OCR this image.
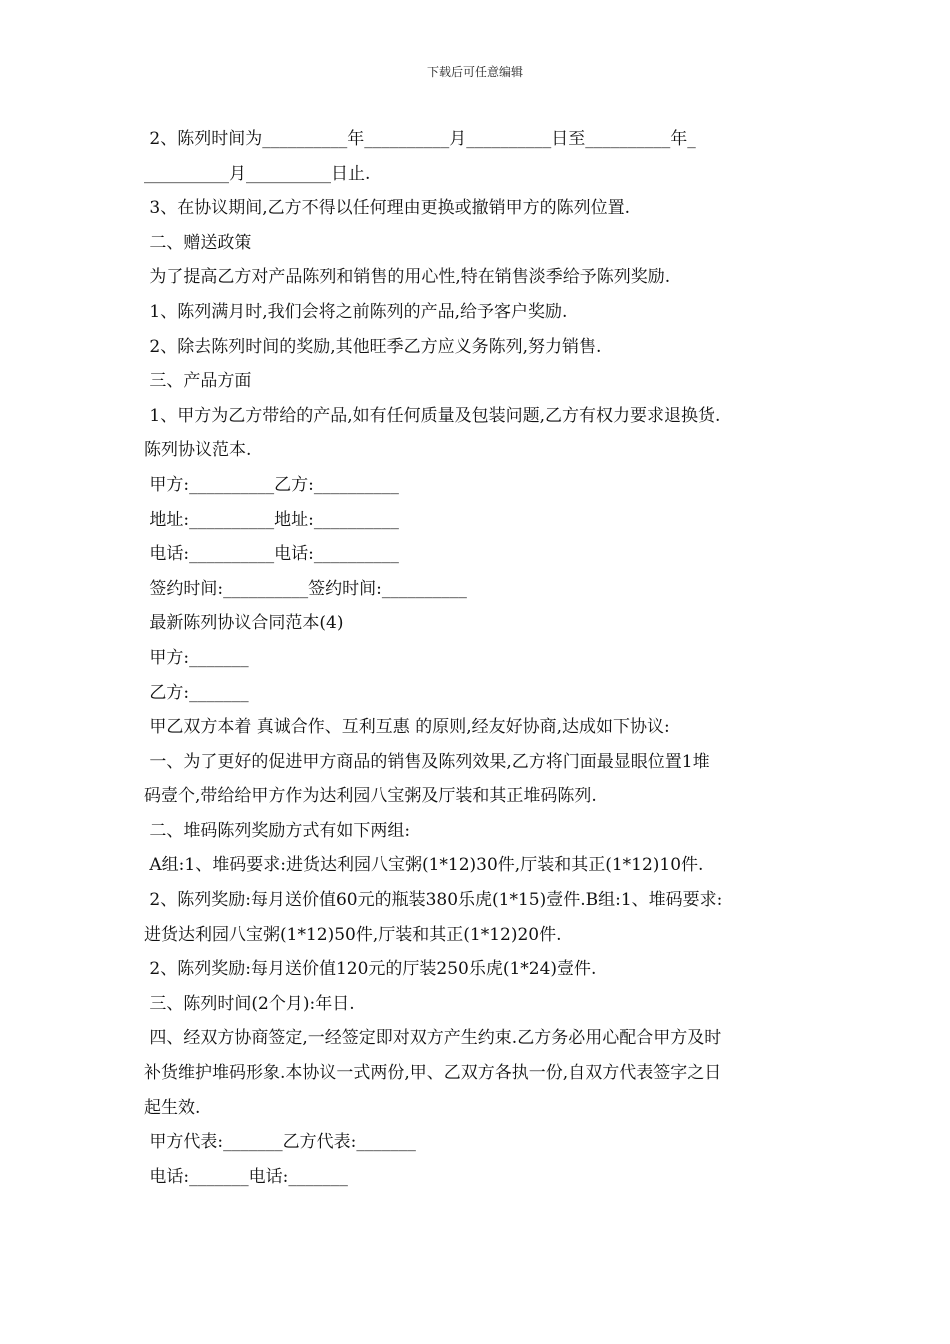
下载后可任意编辑
2、陈列时间为__________年__________月__________日至__________年_
__________月__________日止.
3、在协议期间,乙方不得以任何理由更换或撤销甲方的陈列位置.
二、赠送政策
为了提高乙方对产品陈列和销售的用心性,特在销售淡季给予陈列奖励.
1、陈列满月时,我们会将之前陈列的产品,给予客户奖励.
2、除去陈列时间的奖励,其他旺季乙方应义务陈列,努力销售.
三、产品方面
1、甲方为乙方带给的产品,如有任何质量及包装问题,乙方有权力要求退换货.
陈列协议范本.
甲方:__________乙方:__________
地址:__________地址:__________
电话:__________电话:__________
签约时间:__________签约时间:__________
最新陈列协议合同范本(4)
甲方:_______
乙方:_______
甲乙双方本着 真诚合作、互利互惠 的原则,经友好协商,达成如下协议:
一、为了更好的促进甲方商品的销售及陈列效果,乙方将门面最显眼位置1堆
码壹个,带给给甲方作为达利园八宝粥及厅装和其正堆码陈列.
二、堆码陈列奖励方式有如下两组:
A组:1、堆码要求:进货达利园八宝粥(1*12)30件,厅装和其正(1*12)10件.
2、陈列奖励:每月送价值60元的瓶装380乐虎(1*15)壹件.B组:1、堆码要求:
进货达利园八宝粥(1*12)50件,厅装和其正(1*12)20件.
2、陈列奖励:每月送价值120元的厅装250乐虎(1*24)壹件.
三、陈列时间(2个月):年日.
四、经双方协商签定,一经签定即对双方产生约束.乙方务必用心配合甲方及时
补货维护堆码形象.本协议一式两份,甲、乙双方各执一份,自双方代表签字之日
起生效.
甲方代表:_______乙方代表:_______
电话:_______电话:_______
